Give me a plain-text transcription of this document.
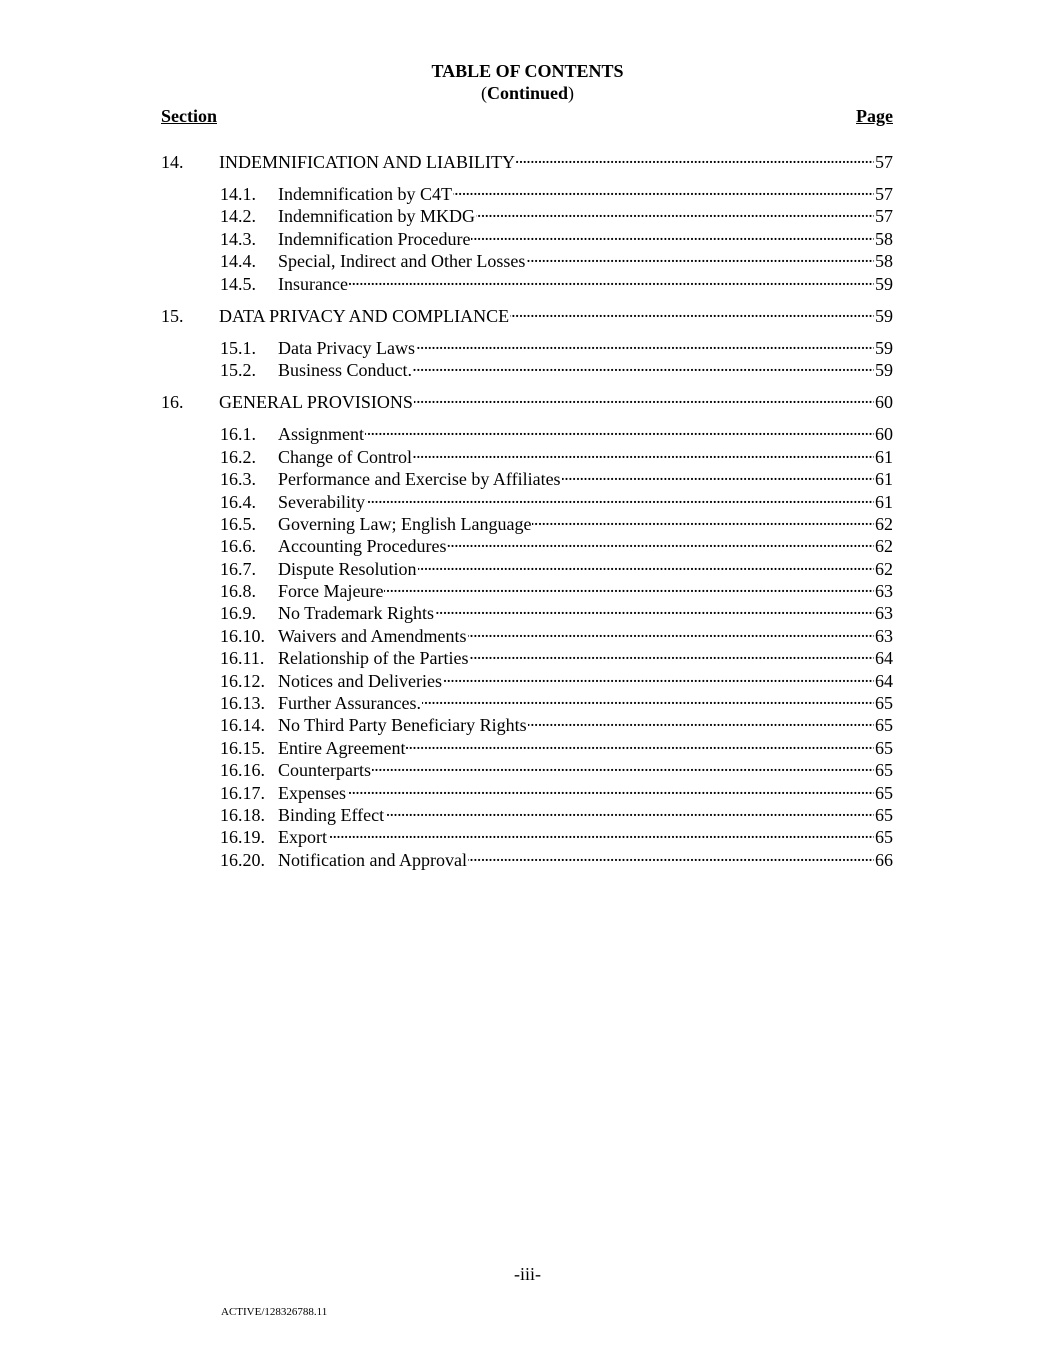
TABLE OF CONTENTS
(Continued)
Section	Page
14.	INDEMNIFICATION AND LIABILITY . . .	57
14.1.	Indemnification by C4T . . .	57
14.2.	Indemnification by MKDG . . .	57
14.3.	Indemnification Procedure . . .	58
14.4.	Special, Indirect and Other Losses . . .	58
14.5.	Insurance . . .	59
15.	DATA PRIVACY AND COMPLIANCE . . .	59
15.1.	Data Privacy Laws . . .	59
15.2.	Business Conduct. . . .	59
16.	GENERAL PROVISIONS . . .	60
16.1.	Assignment . . .	60
16.2.	Change of Control . . .	61
16.3.	Performance and Exercise by Affiliates . . .	61
16.4.	Severability . . .	61
16.5.	Governing Law; English Language . . .	62
16.6.	Accounting Procedures . . .	62
16.7.	Dispute Resolution . . .	62
16.8.	Force Majeure . . .	63
16.9.	No Trademark Rights . . .	63
16.10. Waivers and Amendments . . .	63
16.11. Relationship of the Parties . . .	64
16.12. Notices and Deliveries . . .	64
16.13. Further Assurances. . . .	65
16.14. No Third Party Beneficiary Rights . . .	65
16.15. Entire Agreement . . .	65
16.16. Counterparts . . .	65
16.17. Expenses . . .	65
16.18. Binding Effect . . .	65
16.19. Export . . .	65
16.20. Notification and Approval . . .	66
-iii-
ACTIVE/128326788.11
